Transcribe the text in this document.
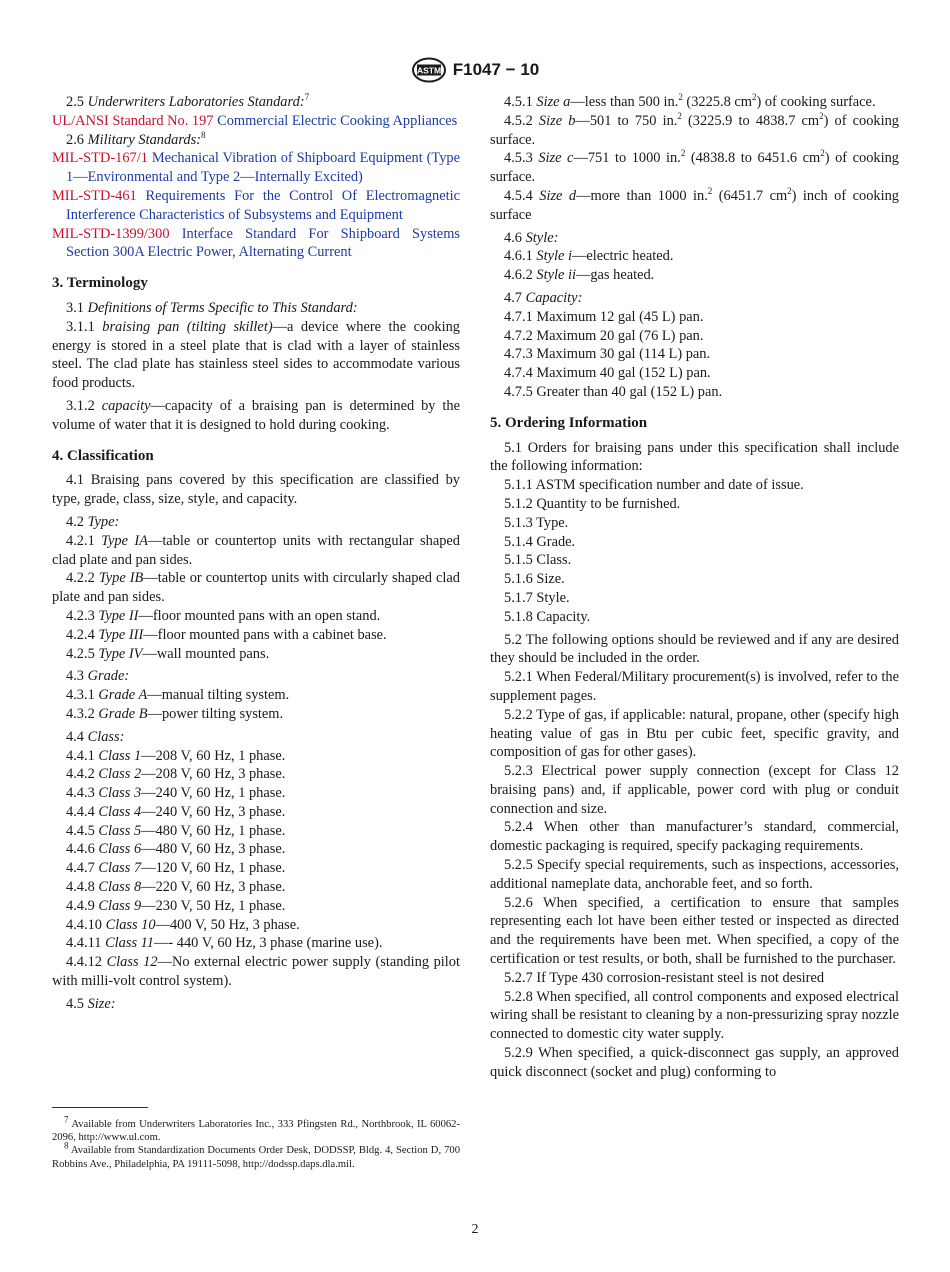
ASTM F1047 − 10

2.5 Underwriters Laboratories Standard:$^7$

UL/ANSI Standard No. 197 Commercial Electric Cooking Appliances

2.6 Military Standards:$^8$

MIL-STD-167/1 Mechanical Vibration of Shipboard Equipment (Type 1—Environmental and Type 2—Internally Excited)

MIL-STD-461 Requirements For the Control Of Electromagnetic Interference Characteristics of Subsystems and Equipment

MIL-STD-1399/300 Interface Standard For Shipboard Systems Section 300A Electric Power, Alternating Current

3. Terminology

3.1 Definitions of Terms Specific to This Standard:

3.1.1 braising pan (tilting skillet)—a device where the cooking energy is stored in a steel plate that is clad with a layer of stainless steel. The clad plate has stainless steel sides to accommodate various food products.

3.1.2 capacity—capacity of a braising pan is determined by the volume of water that it is designed to hold during cooking.

4. Classification

4.1 Braising pans covered by this specification are classified by type, grade, class, size, style, and capacity.

4.2 Type:

4.2.1 Type IA—table or countertop units with rectangular shaped clad plate and pan sides.

4.2.2 Type IB—table or countertop units with circularly shaped clad plate and pan sides.

4.2.3 Type II—floor mounted pans with an open stand.

4.2.4 Type III—floor mounted pans with a cabinet base.

4.2.5 Type IV—wall mounted pans.

4.3 Grade:

4.3.1 Grade A—manual tilting system.

4.3.2 Grade B—power tilting system.

4.4 Class:

4.4.1 Class 1—208 V, 60 Hz, 1 phase.

4.4.2 Class 2—208 V, 60 Hz, 3 phase.

4.4.3 Class 3—240 V, 60 Hz, 1 phase.

4.4.4 Class 4—240 V, 60 Hz, 3 phase.

4.4.5 Class 5—480 V, 60 Hz, 1 phase.

4.4.6 Class 6—480 V, 60 Hz, 3 phase.

4.4.7 Class 7—120 V, 60 Hz, 1 phase.

4.4.8 Class 8—220 V, 60 Hz, 3 phase.

4.4.9 Class 9—230 V, 50 Hz, 1 phase.

4.4.10 Class 10—400 V, 50 Hz, 3 phase.

4.4.11 Class 11—- 440 V, 60 Hz, 3 phase (marine use).

4.4.12 Class 12—No external electric power supply (standing pilot with milli-volt control system).

4.5 Size:

4.5.1 Size a—less than 500 in.$^2$ (3225.8 $cm^2$) of cooking surface.

4.5.2 Size b—501 to 750 in.$^2$ (3225.9 to 4838.7 $cm^2$) of cooking surface.

4.5.3 Size c—751 to 1000 in.$^2$ (4838.8 to 6451.6 $cm^2$) of cooking surface.

4.5.4 Size d—more than 1000 in.$^2$ (6451.7 $cm^2$) inch of cooking surface

4.6 Style:

4.6.1 Style i—electric heated.

4.6.2 Style ii—gas heated.

4.7 Capacity:

4.7.1 Maximum 12 gal (45 L) pan.

4.7.2 Maximum 20 gal (76 L) pan.

4.7.3 Maximum 30 gal (114 L) pan.

4.7.4 Maximum 40 gal (152 L) pan.

4.7.5 Greater than 40 gal (152 L) pan.

5. Ordering Information

5.1 Orders for braising pans under this specification shall include the following information:

5.1.1 ASTM specification number and date of issue.

5.1.2 Quantity to be furnished.

5.1.3 Type.

5.1.4 Grade.

5.1.5 Class.

5.1.6 Size.

5.1.7 Style.

5.1.8 Capacity.

5.2 The following options should be reviewed and if any are desired they should be included in the order.

5.2.1 When Federal/Military procurement(s) is involved, refer to the supplement pages.

5.2.2 Type of gas, if applicable: natural, propane, other (specify high heating value of gas in Btu per cubic feet, specific gravity, and composition of gas for other gases).

5.2.3 Electrical power supply connection (except for Class 12 braising pans) and, if applicable, power cord with plug or conduit connection and size.

5.2.4 When other than manufacturer’s standard, commercial, domestic packaging is required, specify packaging requirements.

5.2.5 Specify special requirements, such as inspections, accessories, additional nameplate data, anchorable feet, and so forth.

5.2.6 When specified, a certification to ensure that samples representing each lot have been either tested or inspected as directed and the requirements have been met. When specified, a copy of the certification or test results, or both, shall be furnished to the purchaser.

5.2.7 If Type 430 corrosion-resistant steel is not desired

5.2.8 When specified, all control components and exposed electrical wiring shall be resistant to cleaning by a non-pressurizing spray nozzle connected to domestic city water supply.

5.2.9 When specified, a quick-disconnect gas supply, an approved quick disconnect (socket and plug) conforming to

$^7$ Available from Underwriters Laboratories Inc., 333 Pfingsten Rd., Northbrook, IL 60062-2096, http://www.ul.com.

$^8$ Available from Standardization Documents Order Desk, DODSSP, Bldg. 4, Section D, 700 Robbins Ave., Philadelphia, PA 19111-5098, http://dodssp.daps.dla.mil.

2
